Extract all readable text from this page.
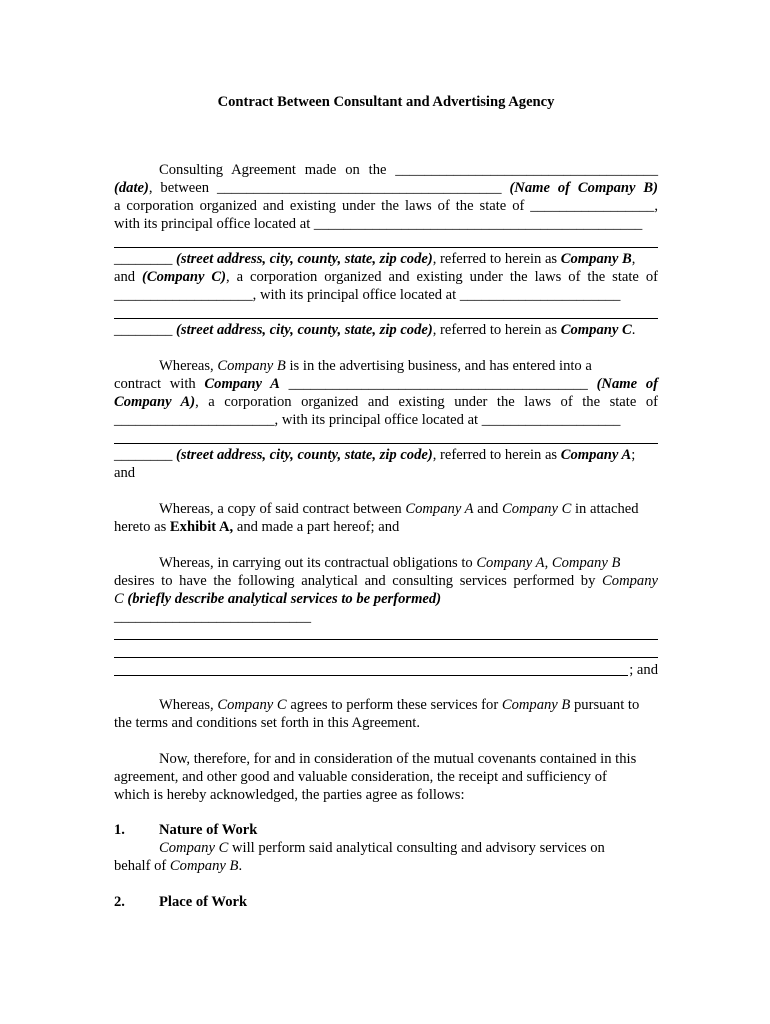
Contract Between Consultant and Advertising Agency
Consulting Agreement made on the ____________________________________
(date), between _______________________________________ (Name of Company B)
a corporation organized and existing under the laws of the state of _________________,
with its principal office located at _____________________________________________
________ (street address, city, county, state, zip code), referred to herein as Company B,
and (Company C), a corporation organized and existing under the laws of the state of
___________________, with its principal office located at ______________________
________ (street address, city, county, state, zip code), referred to herein as Company C.
Whereas, Company B is in the advertising business, and has entered into a
contract with Company A _________________________________________ (Name of
Company A), a corporation organized and existing under the laws of the state of
______________________, with its principal office located at ___________________
________ (street address, city, county, state, zip code), referred to herein as Company A;
and
Whereas, a copy of said contract between Company A and Company C in attached
hereto as Exhibit A, and made a part hereof; and
Whereas, in carrying out its contractual obligations to Company A, Company B
desires to have the following analytical and consulting services performed by Company
C (briefly describe analytical services to be performed)
___________________________
; and
Whereas, Company C agrees to perform these services for Company B pursuant to
the terms and conditions set forth in this Agreement.
Now, therefore, for and in consideration of the mutual covenants contained in this
agreement, and other good and valuable consideration, the receipt and sufficiency of
which is hereby acknowledged, the parties agree as follows:
1. Nature of Work
Company C will perform said analytical consulting and advisory services on
behalf of Company B.
2. Place of Work
